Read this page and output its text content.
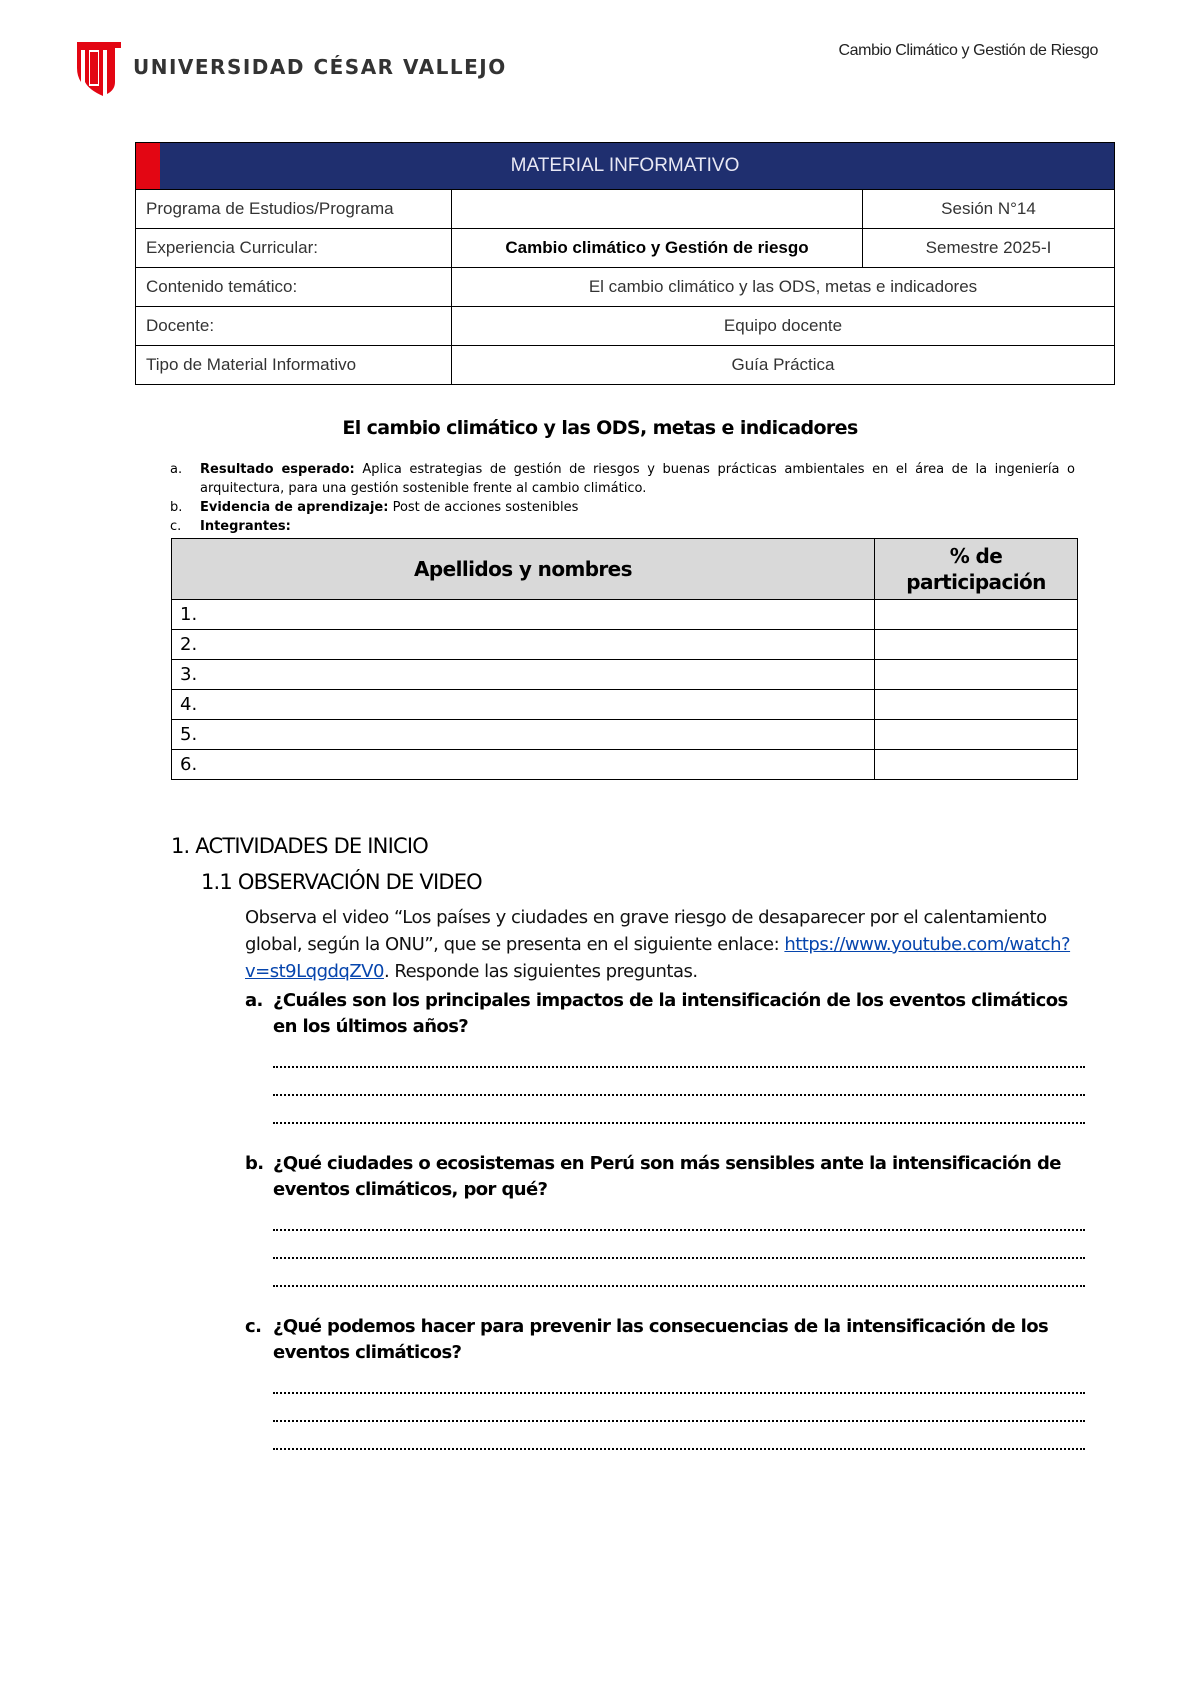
UNIVERSIDAD CÉSAR VALLEJO
Cambio Climático y Gestión de Riesgo
MATERIAL INFORMATIVO		
Programa de Estudios/Programa		Sesión N°14
Experiencia Curricular:	Cambio climático y Gestión de riesgo	Semestre 2025-I
Contenido temático:	El cambio climático y las ODS, metas e indicadores	
Docente:	Equipo docente	
Tipo de Material Informativo	Guía Práctica	
El cambio climático y las ODS, metas e indicadores
a.	Resultado esperado: Aplica estrategias de gestión de riesgos y buenas prácticas ambientales en el área de la ingeniería o arquitectura, para una gestión sostenible frente al cambio climático.
b.	Evidencia de aprendizaje: Post de acciones sostenibles
c.	Integrantes:
Apellidos y nombres	% de
participación
1.	
2.	
3.	
4.	
5.	
6.	
1. ACTIVIDADES DE INICIO
1.1 OBSERVACIÓN DE VIDEO
Observa el video “Los países y ciudades en grave riesgo de desaparecer por el calentamiento global, según la ONU”, que se presenta en el siguiente enlace: https://www.youtube.com/watch?v=st9LqgdqZV0. Responde las siguientes preguntas.
a. ¿Cuáles son los principales impactos de la intensificación de los eventos climáticos en los últimos años?
b. ¿Qué ciudades o ecosistemas en Perú son más sensibles ante la intensificación de eventos climáticos, por qué?
c. ¿Qué podemos hacer para prevenir las consecuencias de la intensificación de los eventos climáticos?
